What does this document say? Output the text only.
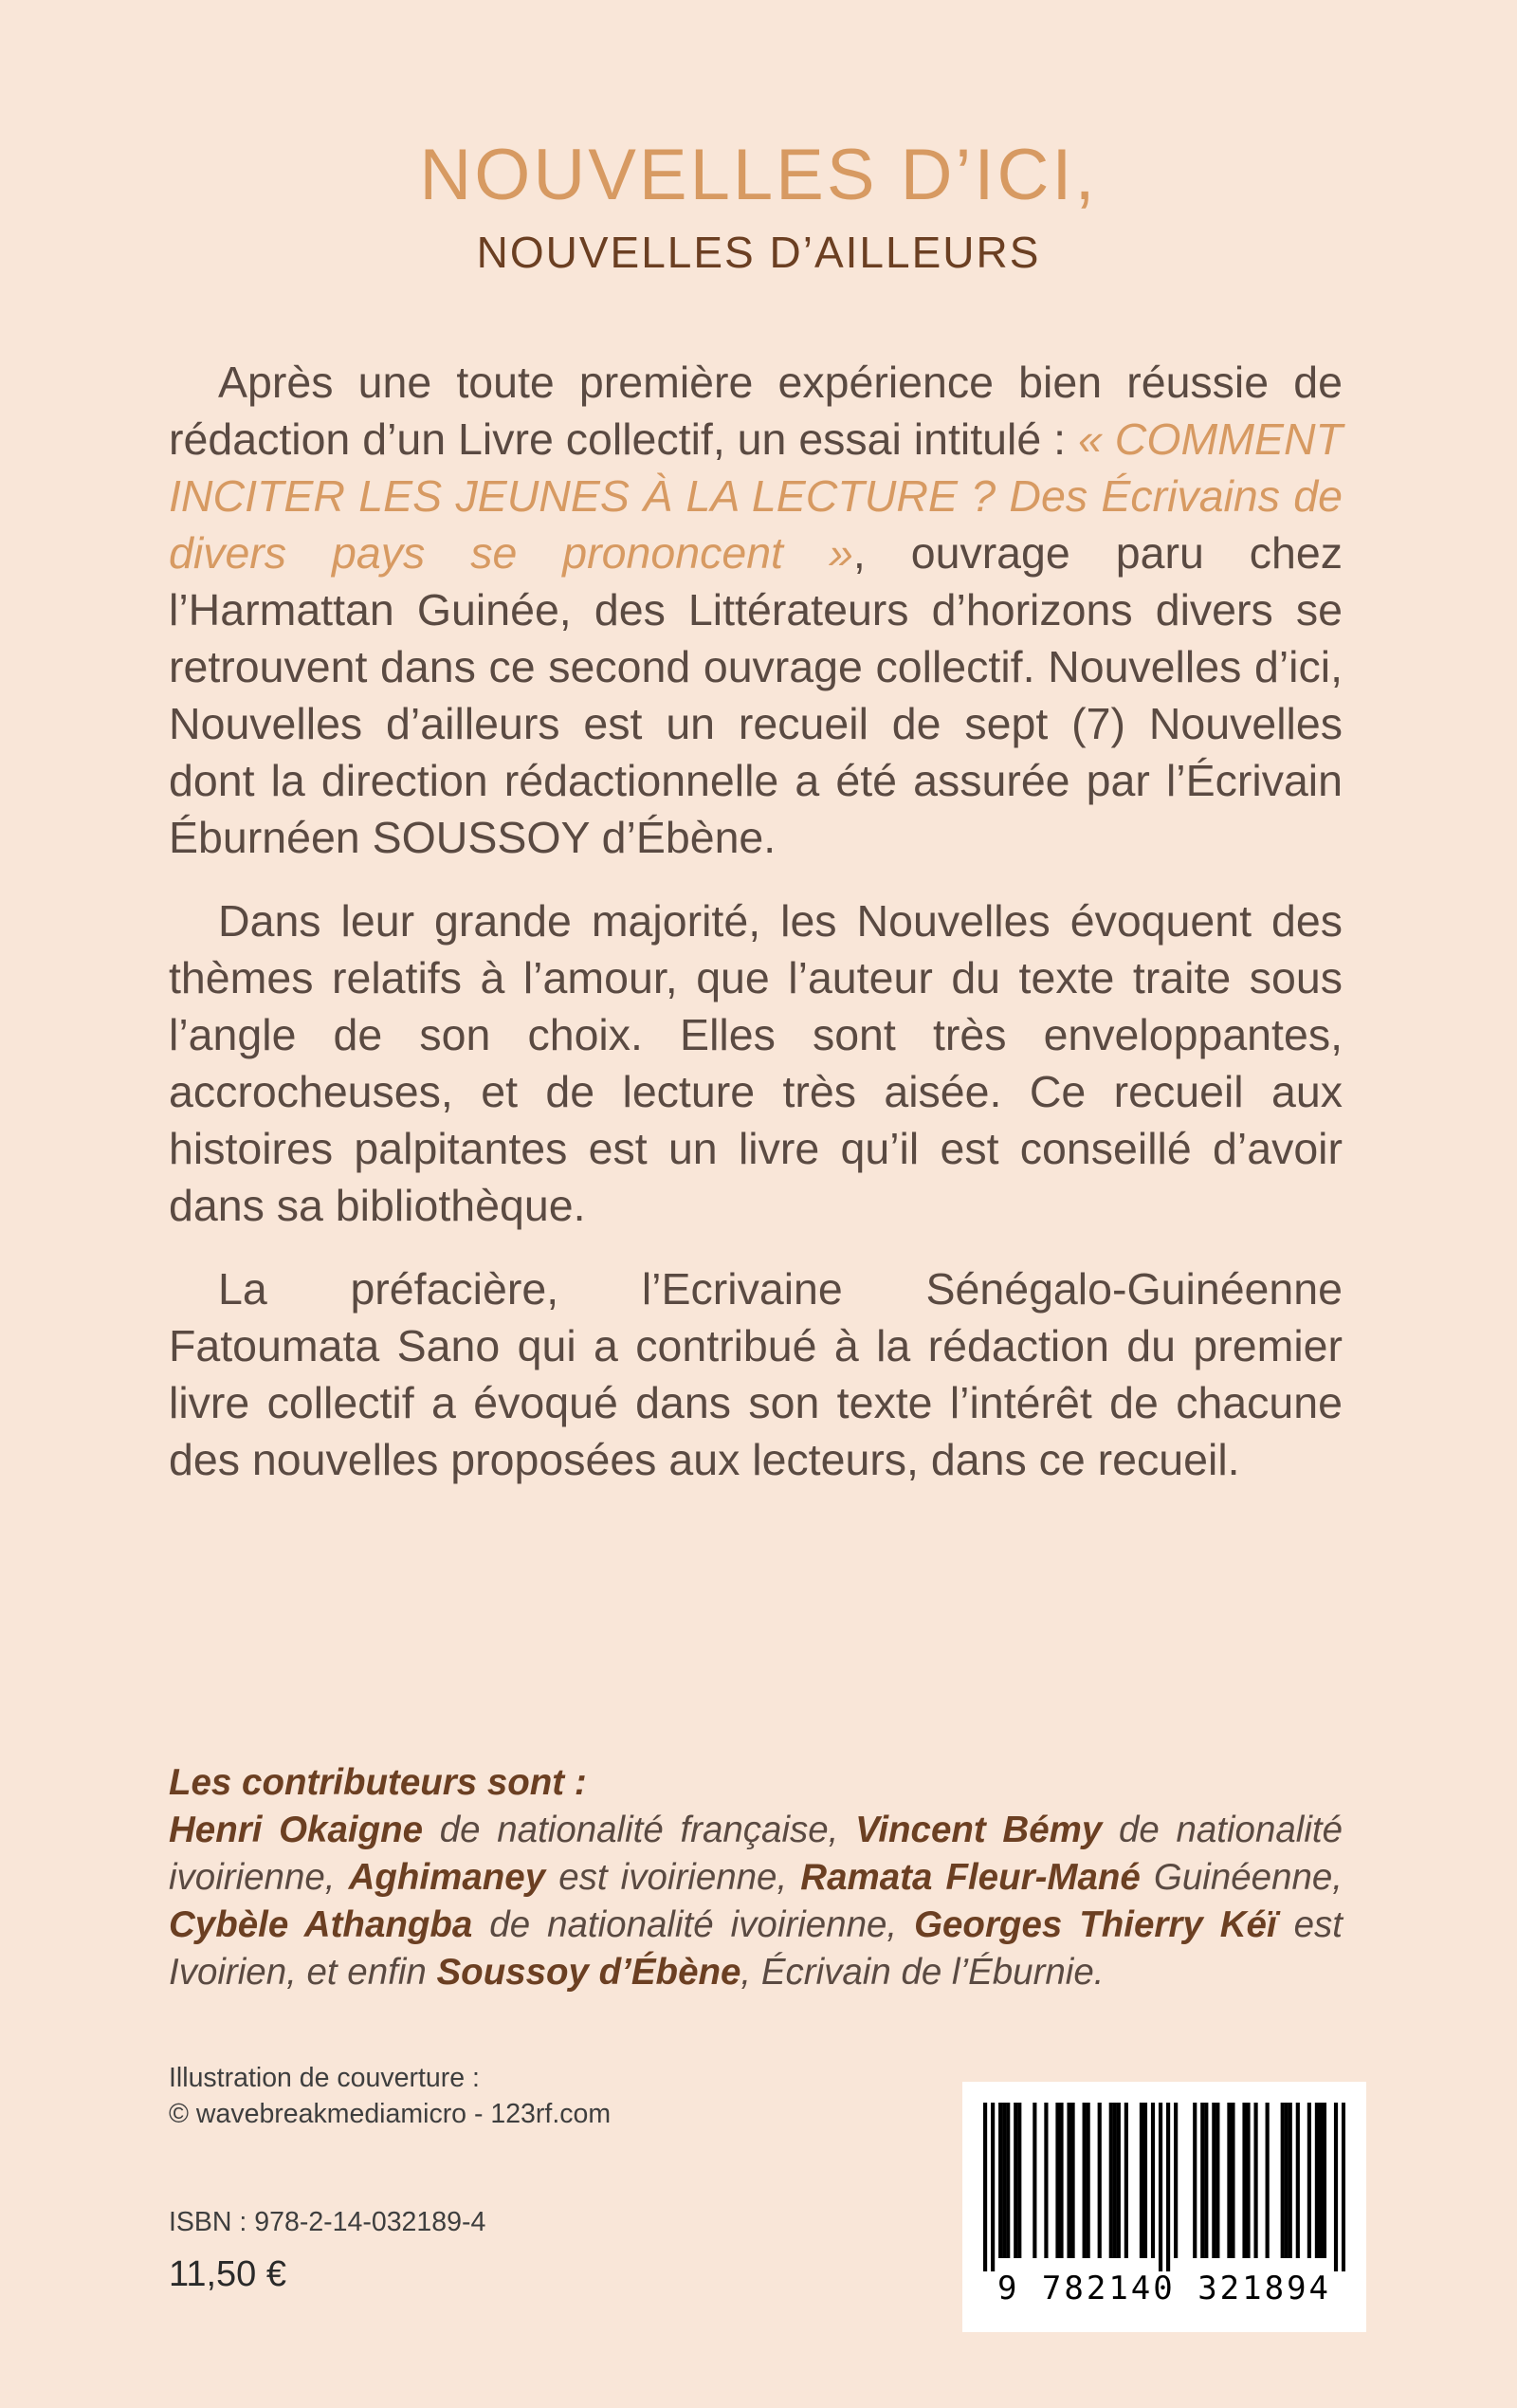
NOUVELLES D’ICI,
NOUVELLES D’AILLEURS

Après une toute première expérience bien réussie de rédaction d’un Livre collectif, un essai intitulé : « COMMENT INCITER LES JEUNES À LA LECTURE ? Des Écrivains de divers pays se prononcent », ouvrage paru chez l’Harmattan Guinée, des Littérateurs d’horizons divers se retrouvent dans ce second ouvrage collectif. Nouvelles d’ici, Nouvelles d’ailleurs est un recueil de sept (7) Nouvelles dont la direction rédactionnelle a été assurée par l’Écrivain Éburnéen SOUSSOY d’Ébène.

Dans leur grande majorité, les Nouvelles évoquent des thèmes relatifs à l’amour, que l’auteur du texte traite sous l’angle de son choix. Elles sont très enveloppantes, accrocheuses, et de lecture très aisée. Ce recueil aux histoires palpitantes est un livre qu’il est conseillé d’avoir dans sa bibliothèque.

La préfacière, l’Ecrivaine Sénégalo-Guinéenne Fatoumata Sano qui a contribué à la rédaction du premier livre collectif a évoqué dans son texte l’intérêt de chacune des nouvelles proposées aux lecteurs, dans ce recueil.

Les contributeurs sont :
Henri Okaigne de nationalité française, Vincent Bémy de nationalité ivoirienne, Aghimaney est ivoirienne, Ramata Fleur-Mané Guinéenne, Cybèle Athangba de nationalité ivoirienne, Georges Thierry Kéï est Ivoirien, et enfin Soussoy d’Ébène, Écrivain de l’Éburnie.
Illustration de couverture :
© wavebreakmediamicro - 123rf.com
ISBN : 978-2-14-032189-4
11,50 €	9 782140 321894
